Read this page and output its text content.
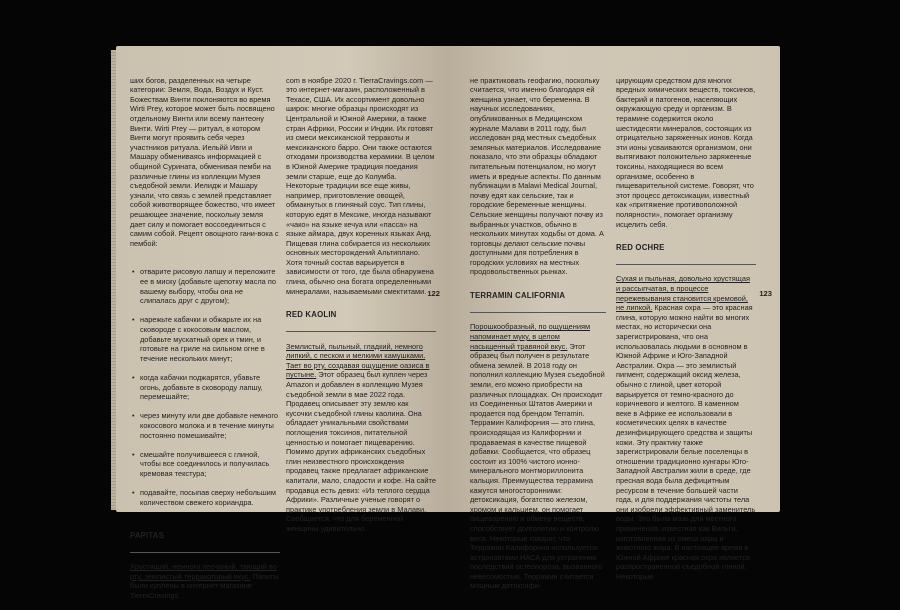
ших богов, разделенных на четыре категории: Земля, Вода, Воздух и Куст. Божествам Винти поклоняются во время Wirti Prey, которое может быть посвящено отдельному Винти или всему пантеону Винти. Wirti Prey — ритуал, в котором Винти могут проявить себя через участников ритуала. Иельйй Ивги и Машару обмениваясь информацией с общиной Сурината, обменивая пемби на различные глины из коллекции Музея съедобной земли. Иелидж и Машару узнали, что связь с землей представляет собой животворящее божество, что имеет решающее значение, поскольку земля дает силу и помогает воссоединиться с самим собой. Рецепт овощного гани-вока с пембой:

• отварите рисовую лапшу и переложите ее в миску (добавьте щепотку масла по вашему выбору, чтобы она не слипалась друг с другом);

• нарежьте кабачки и обжарьте их на сковороде с кокосовым маслом, добавьте мускатный орех и тмин, и готовьте на гриле на сильном огне в течение нескольких минут;

• когда кабачки поджарятся, убавьте огонь, добавьте в сковороду лапшу, перемешайте;

• через минуту или две добавьте немного кокосового молока и в течение минуты постоянно помешивайте;

• смешайте получившееся с глиной, чтобы все соединилось и получилась кремовая текстура;

• подавайте, посыпав сверху небольшим количеством свежего кориандра.

PAPITAS

Хрустящий, немного песчаный, тающий во рту, землистый терракотовый вкус. Папиты были куплены в интернет-магазине TierraCravings.

com в ноябре 2020 г. TierraCravings.com — это интернет-магазин, расположенный в Техасе, США. Их ассортимент довольно широк: многие образцы происходят из Центральной и Южной Америки, а также стран Африки, России и Индии. Их готовят из смеси мексиканской терракоты и мексиканского барро. Они также остаются отходами производства керамики. В целом в Южной Америке традиция поедания земли старше, еще до Колумба. Некоторые традиции все еще живы, например, приготовление овощей, обмакнутых в глиняный соус. Тип глины, которую едят в Мексике, иногда называют «чако» на языке кечуа или «пасса» на языке аймара, двух коренных языках Анд. Пищевая глина собирается из нескольких основных месторождений Альтиплано. Хотя точный состав варьируется в зависимости от того, где была обнаружена глина, обычно она богата определенными минералами, называемыми смектитами.

RED KAOLIN

Землистый, пыльный, гладкий, немного липкий, с песком и мелкими камушками. Тает во рту, создавая ощущение оазиса в пустыне. Этот образец был куплен через Amazon и добавлен в коллекцию Музея съедобной земли в мае 2022 года. Продавец описывает эту землю как кусочки съедобной глины каолина. Она обладает уникальными свойствами поглощения токсинов, питательной ценностью и помогает пищеварению. Помимо других африканских съедобных глин неизвестного происхождения продавец также предлагает африканские капитали, мало, сладости и кофе. На сайте продавца есть девиз: «Из теплого сердца Африки». Различные ученые говорят о практике употребления земли в Малави. Сообщается, что для беременной женщины удивительно

122

не практиковать геофагию, поскольку считается, что именно благодаря ей женщина узнает, что беременна. В научных исследованиях, опубликованных в Медицинском журнале Малави в 2011 году, был исследован ряд местных съедобных земляных материалов. Исследование показало, что эти образцы обладают питательным потенциалом, но могут иметь и вредные аспекты. По данным публикации в Malawi Medical Journal, почву едят как сельские, так и городские беременные женщины. Сельские женщины получают почву из выбранных участков, обычно в нескольких минутах ходьбы от дома. А торговцы делают сельские почвы доступными для потребления в городских условиях на местных продовольственных рынках.

TERRAMIN CALIFORNIA

Порошкообразный, по ощущениям напоминает муку, в целом насыщенный травяной вкус. Этот образец был получен в результате обмена землей. В 2018 году он пополнил коллекцию Музея съедобной земли, его можно приобрести на различных площадках. Он происходит из Соединенных Штатов Америки и продается под брендом Terramin. Террамин Калифорния — это глина, происходящая из Калифорнии и продаваемая в качестве пищевой добавки. Сообщается, что образец состоит из 100% чистого ионно-минерального монтмориллонита кальция. Преимущества террамина кажутся многосторонними: детоксикация, богатство железом, хромом и кальцием, он помогает пищеварению и обмену веществ, способствует долголетию и контролю веса. Некоторые говорят, что Террамин Калифорния используется астронавтами НАСА для устранения последствий остеопороза, вызванного невесомостью. Террамин считается мощным детоксифи-

цирующим средством для многих вредных химических веществ, токсинов, бактерий и патогенов, населяющих окружающую среду и организм. В терамине содержится около шестидесяти минералов, состоящих из отрицательно заряженных ионов. Когда эти ионы усваиваются организмом, они вытягивают положительно заряженные токсины, находящиеся во всем организме, особенно в пищеварительной системе. Говорят, что этот процесс детоксикации, известный как «притяжение противоположной полярности», помогает организму исцелить себя.

RED OCHRE

Сухая и пыльная, довольно хрустящая и рассыпчатая, в процессе пережевывания становится кремовой, не липкой. Красная охра — это красная глина, которую можно найти во многих местах, но исторически она зарегистрирована, что она использовалась людьми в основном в Южной Африке и Юго-Западной Австралии. Охра — это землистый пигмент, содержащий оксид железа, обычно с глиной, цвет которой варьируется от темно-красного до коричневого и желтого. В каменном веке в Африке ее использовали в косметических целях в качестве дезинфицирующего средства и защиты кожи. Эту практику также зарегистрировали белые поселенцы в отношении традиционно кунгары Юго-Западной Австралии жили в среде, где пресная вода была дефицитным ресурсом в течение большей части года, и для поддержания чистоты тела они изобрели эффективный заменитель воды. Это была мазь для местного применения, известная как Вильги, изготовленная из смеси охры и животного жира. В настоящее время в Южной Африке красная охра является распространенной съедобной глиной. Некоторые

123
